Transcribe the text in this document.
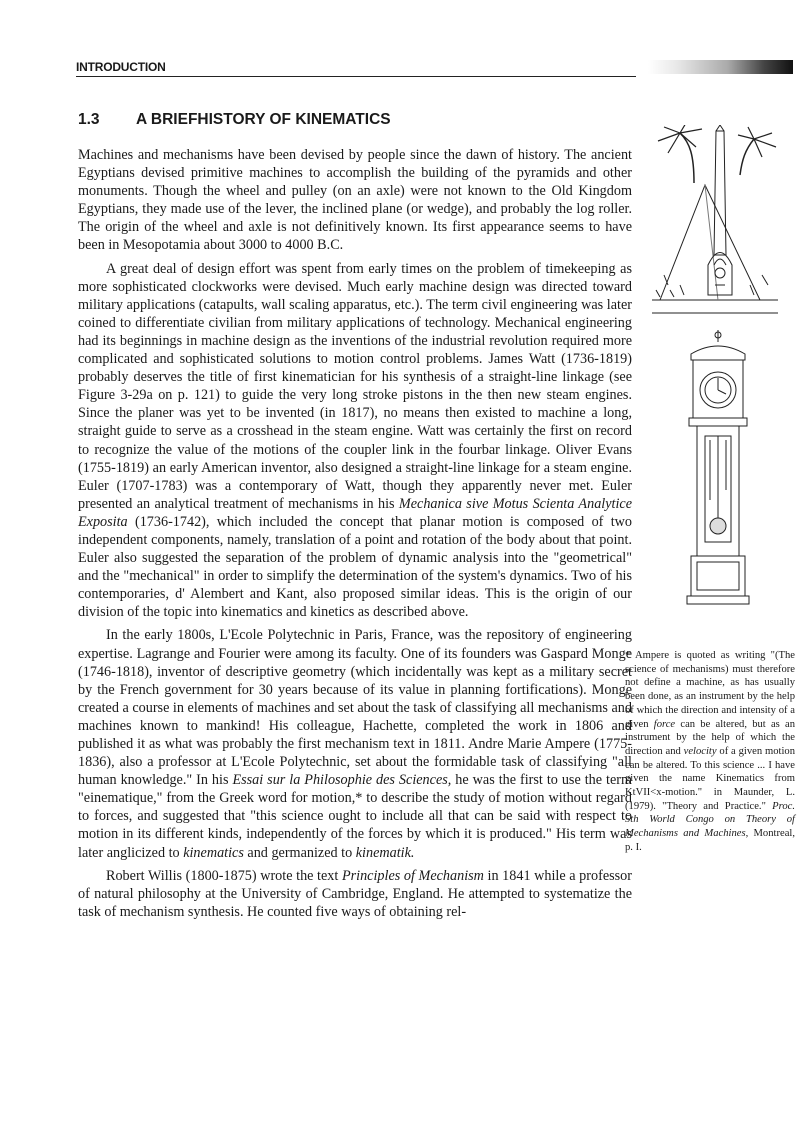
INTRODUCTION
1.3 A BRIEFHISTORY OF KINEMATICS

Machines and mechanisms have been devised by people since the dawn of history. The ancient Egyptians devised primitive machines to accomplish the building of the pyramids and other monuments. Though the wheel and pulley (on an axle) were not known to the Old Kingdom Egyptians, they made use of the lever, the inclined plane (or wedge), and probably the log roller. The origin of the wheel and axle is not definitively known. Its first appearance seems to have been in Mesopotamia about 3000 to 4000 B.C.

A great deal of design effort was spent from early times on the problem of timekeeping as more sophisticated clockworks were devised. Much early machine design was directed toward military applications (catapults, wall scaling apparatus, etc.). The term civil engineering was later coined to differentiate civilian from military applications of technology. Mechanical engineering had its beginnings in machine design as the inventions of the industrial revolution required more complicated and sophisticated solutions to motion control problems. James Watt (1736-1819) probably deserves the title of first kinematician for his synthesis of a straight-line linkage (see Figure 3-29a on p. 121) to guide the very long stroke pistons in the then new steam engines. Since the planer was yet to be invented (in 1817), no means then existed to machine a long, straight guide to serve as a crosshead in the steam engine. Watt was certainly the first on record to recognize the value of the motions of the coupler link in the fourbar linkage. Oliver Evans (1755-1819) an early American inventor, also designed a straight-line linkage for a steam engine. Euler (1707-1783) was a contemporary of Watt, though they apparently never met. Euler presented an analytical treatment of mechanisms in his Mechanica sive Motus Scienta Analytice Exposita (1736-1742), which included the concept that planar motion is composed of two independent components, namely, translation of a point and rotation of the body about that point. Euler also suggested the separation of the problem of dynamic analysis into the "geometrical" and the "mechanical" in order to simplify the determination of the system's dynamics. Two of his contemporaries, d' Alembert and Kant, also proposed similar ideas. This is the origin of our division of the topic into kinematics and kinetics as described above.

In the early 1800s, L'Ecole Polytechnic in Paris, France, was the repository of engineering expertise. Lagrange and Fourier were among its faculty. One of its founders was Gaspard Monge (1746-1818), inventor of descriptive geometry (which incidentally was kept as a military secret by the French government for 30 years because of its value in planning fortifications). Monge created a course in elements of machines and set about the task of classifying all mechanisms and machines known to mankind! His colleague, Hachette, completed the work in 1806 and published it as what was probably the first mechanism text in 1811. Andre Marie Ampere (1775-1836), also a professor at L'Ecole Polytechnic, set about the formidable task of classifying "all human knowledge." In his Essai sur la Philosophie des Sciences, he was the first to use the term "einematique," from the Greek word for motion,* to describe the study of motion without regard to forces, and suggested that "this science ought to include all that can be said with respect to motion in its different kinds, independently of the forces by which it is produced." His term was later anglicized to kinematics and germanized to kinematik.

Robert Willis (1800-1875) wrote the text Principles of Mechanism in 1841 while a professor of natural philosophy at the University of Cambridge, England. He attempted to systematize the task of mechanism synthesis. He counted five ways of obtaining rel-

* Ampere is quoted as writing "(The science of mechanisms) must therefore not define a machine, as has usually been done, as an instrument by the help of which the direction and intensity of a given force can be altered, but as an instrument by the help of which the direction and velocity of a given motion can be altered. To this science ... I have given the name Kinematics from KtVII<x-motion." in Maunder, L. (1979). "Theory and Practice." Proc. 5th World Congo on Theory of Mechanisms and Machines, Montreal, p. I.
